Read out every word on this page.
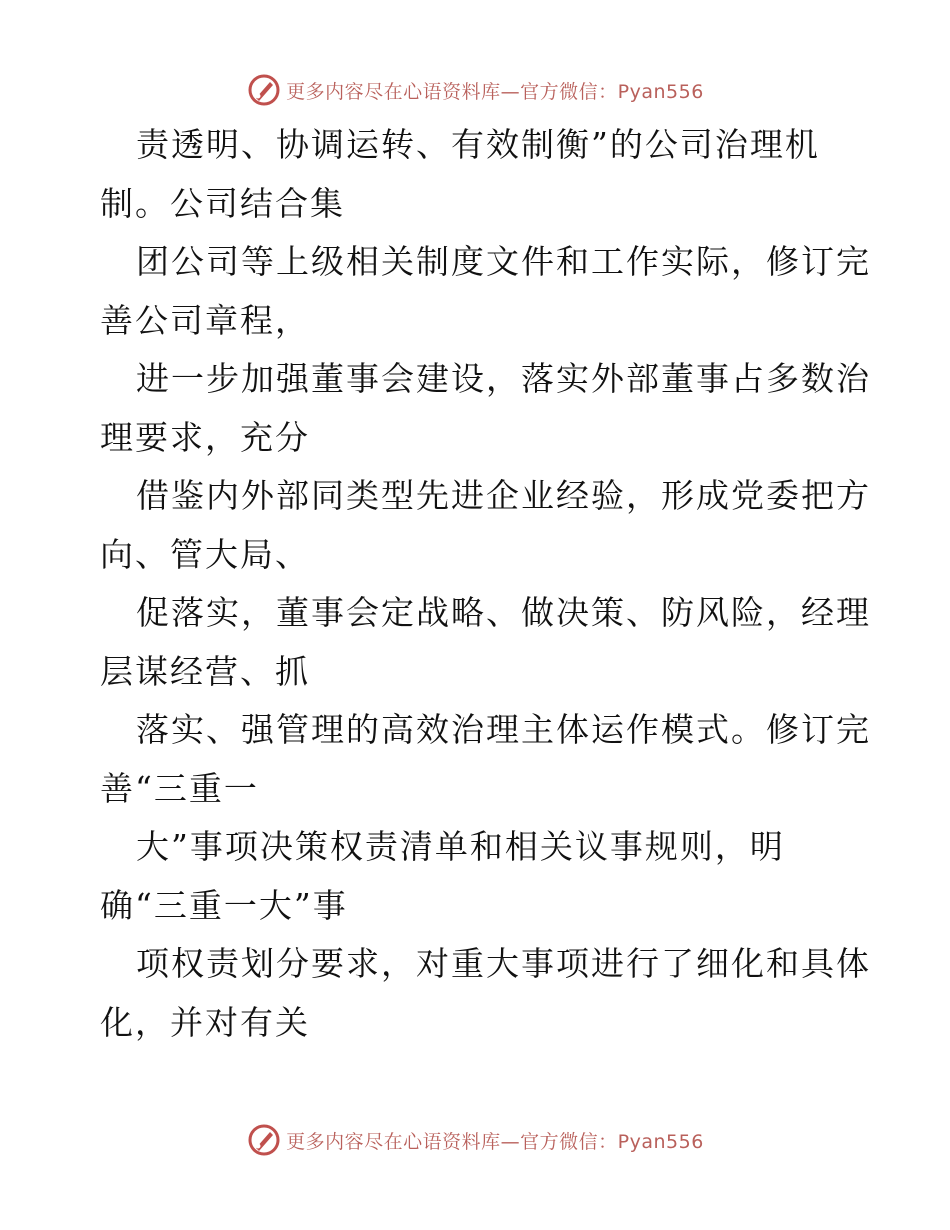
更多内容尽在心语资料库—官方微信：Pyan556
责透明、协调运转、有效制衡”的公司治理机
制。公司结合集
团公司等上级相关制度文件和工作实际，修订完
善公司章程，
进一步加强董事会建设，落实外部董事占多数治
理要求，充分
借鉴内外部同类型先进企业经验，形成党委把方
向、管大局、
促落实，董事会定战略、做决策、防风险，经理
层谋经营、抓
落实、强管理的高效治理主体运作模式。修订完
善“三重一
大”事项决策权责清单和相关议事规则，明
确“三重一大”事
项权责划分要求，对重大事项进行了细化和具体
化，并对有关
更多内容尽在心语资料库—官方微信：Pyan556
